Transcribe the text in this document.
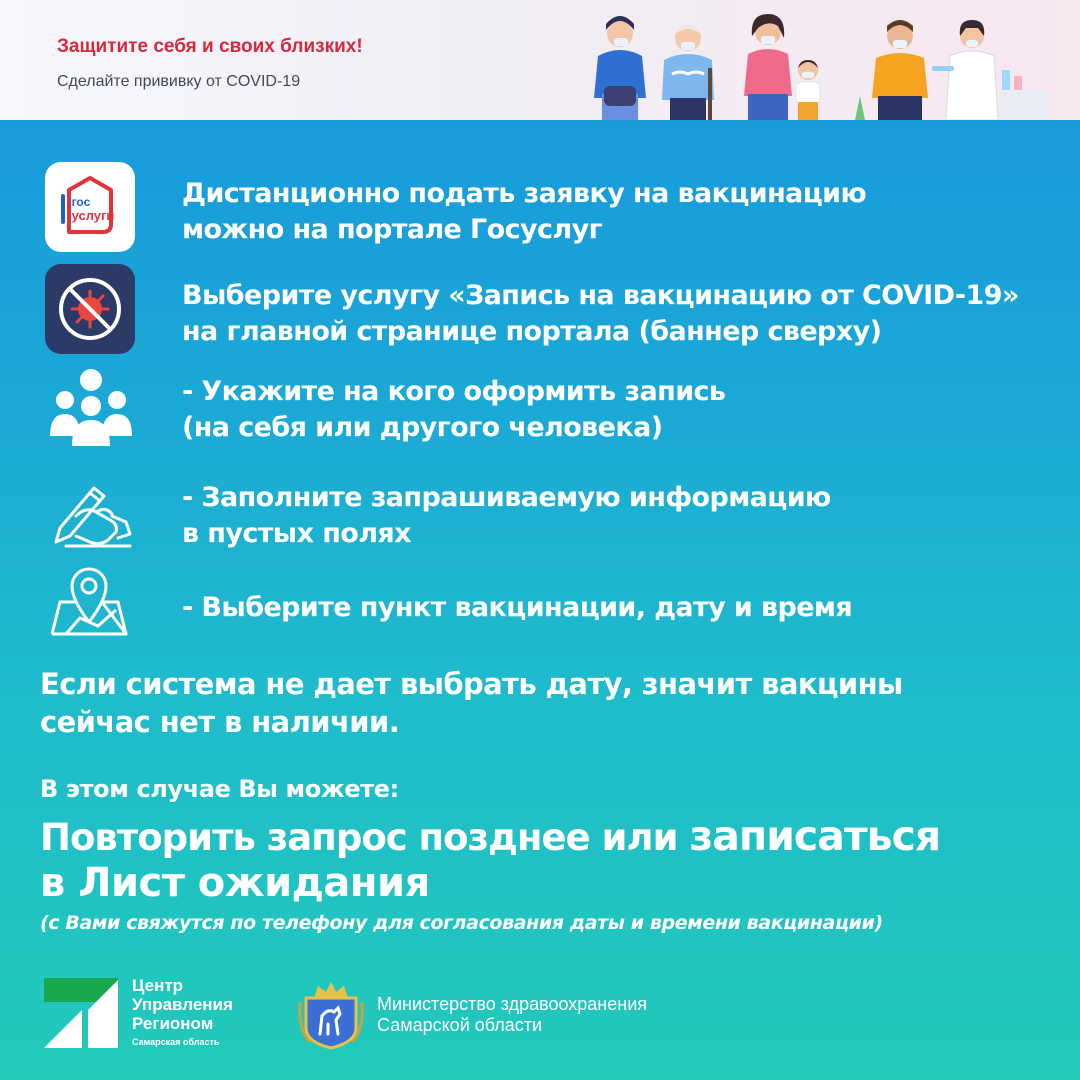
Защитите себя и своих близких!
Сделайте прививку от COVID-19
гос
услуги
Дистанционно подать заявку на вакцинацию
можно на портале Госуслуг
Выберите услугу «Запись на вакцинацию от COVID-19»
на главной странице портала (баннер сверху)
- Укажите на кого оформить запись
(на себя или другого человека)
- Заполните запрашиваемую информацию
в пустых полях
- Выберите пункт вакцинации, дату и время
Если система не дает выбрать дату, значит вакцины
сейчас нет в наличии.
В этом случае Вы можете:
Повторить запрос позднее или записаться
в Лист ожидания
(с Вами свяжутся по телефону для согласования даты и времени вакцинации)
Центр
Управления
Регионом
Самарская область
Министерство здравоохранения
Самарской области
